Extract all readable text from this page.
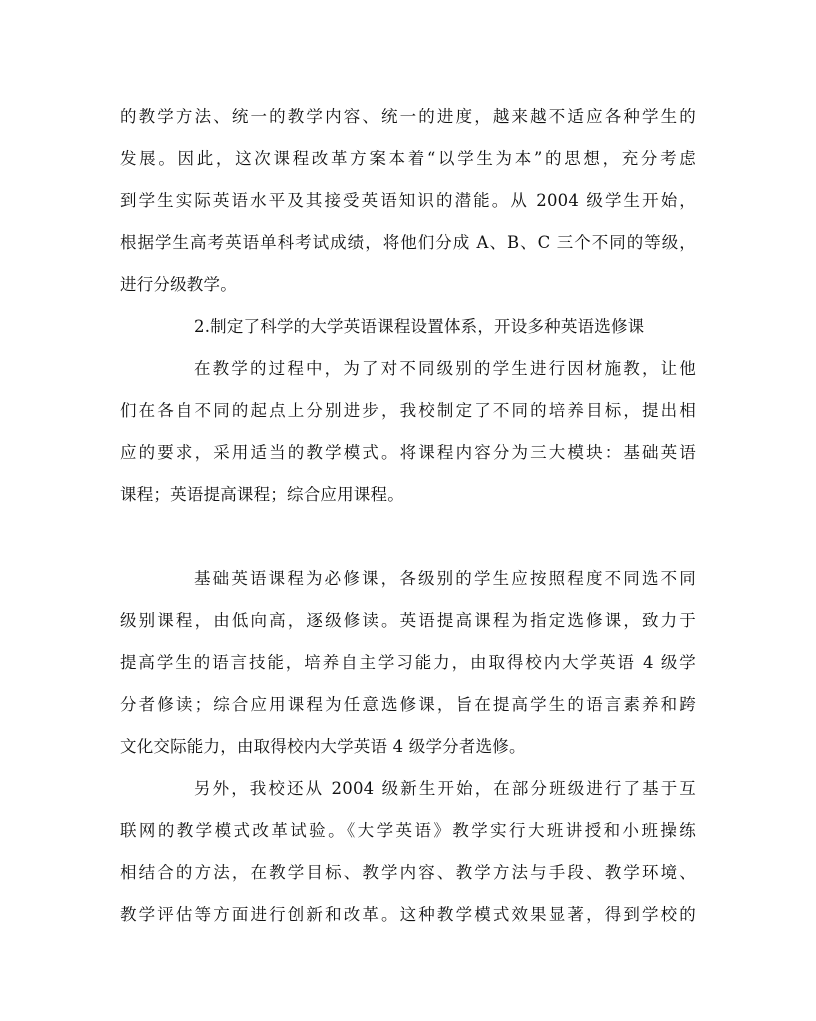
的教学方法、统一的教学内容、统一的进度，越来越不适应各种学生的

发展。因此，这次课程改革方案本着“以学生为本”的思想，充分考虑

到学生实际英语水平及其接受英语知识的潜能。从 2004 级学生开始，

根据学生高考英语单科考试成绩，将他们分成 A、B、C 三个不同的等级，

进行分级教学。

2.制定了科学的大学英语课程设置体系，开设多种英语选修课

在教学的过程中，为了对不同级别的学生进行因材施教，让他

们在各自不同的起点上分别进步，我校制定了不同的培养目标，提出相

应的要求，采用适当的教学模式。将课程内容分为三大模块：基础英语

课程；英语提高课程；综合应用课程。

基础英语课程为必修课，各级别的学生应按照程度不同选不同

级别课程，由低向高，逐级修读。英语提高课程为指定选修课，致力于

提高学生的语言技能，培养自主学习能力，由取得校内大学英语 4 级学

分者修读；综合应用课程为任意选修课，旨在提高学生的语言素养和跨

文化交际能力，由取得校内大学英语 4 级学分者选修。

另外，我校还从 2004 级新生开始，在部分班级进行了基于互

联网的教学模式改革试验。《大学英语》教学实行大班讲授和小班操练

相结合的方法，在教学目标、教学内容、教学方法与手段、教学环境、

教学评估等方面进行创新和改革。这种教学模式效果显著，得到学校的
